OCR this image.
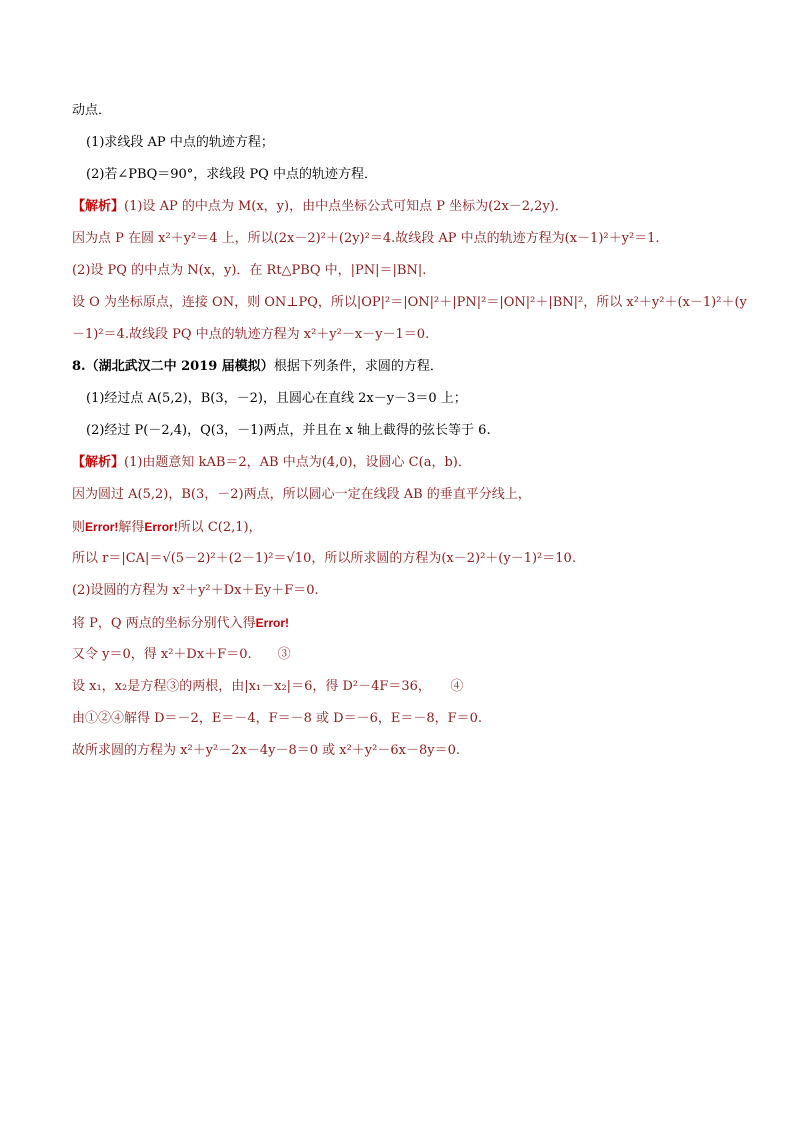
动点．
(1)求线段 AP 中点的轨迹方程；
(2)若∠PBQ＝90°，求线段 PQ 中点的轨迹方程．
【解析】(1)设 AP 的中点为 M(x，y)，由中点坐标公式可知点 P 坐标为(2x－2,2y)．
因为点 P 在圆 x²＋y²＝4 上，所以(2x－2)²＋(2y)²＝4.故线段 AP 中点的轨迹方程为(x－1)²＋y²＝1.
(2)设 PQ 的中点为 N(x，y)．在 Rt△PBQ 中，|PN|＝|BN|.
设 O 为坐标原点，连接 ON，则 ON⊥PQ，所以|OP|²＝|ON|²＋|PN|²＝|ON|²＋|BN|²，所以 x²＋y²＋(x－1)²＋(y
－1)²＝4.故线段 PQ 中点的轨迹方程为 x²＋y²－x－y－1＝0.
8.（湖北武汉二中 2019 届模拟）根据下列条件，求圆的方程．
(1)经过点 A(5,2)，B(3，－2)，且圆心在直线 2x－y－3＝0 上；
(2)经过 P(－2,4)，Q(3，－1)两点，并且在 x 轴上截得的弦长等于 6.
【解析】(1)由题意知 kAB＝2，AB 中点为(4,0)，设圆心 C(a，b)．
因为圆过 A(5,2)，B(3，－2)两点，所以圆心一定在线段 AB 的垂直平分线上，
则Error!解得Error!所以 C(2,1)，
所以 r＝|CA|＝√(5－2)²＋(2－1)²＝√10，所以所求圆的方程为(x－2)²＋(y－1)²＝10.
(2)设圆的方程为 x²＋y²＋Dx＋Ey＋F＝0.
将 P，Q 两点的坐标分别代入得Error!
又令 y＝0，得 x²＋Dx＋F＝0.　　③
设 x₁，x₂是方程③的两根，由|x₁－x₂|＝6，得 D²－4F＝36，　　④
由①②④解得 D＝－2，E＝－4，F＝－8 或 D＝－6，E＝－8，F＝0.
故所求圆的方程为 x²＋y²－2x－4y－8＝0 或 x²＋y²－6x－8y＝0.
